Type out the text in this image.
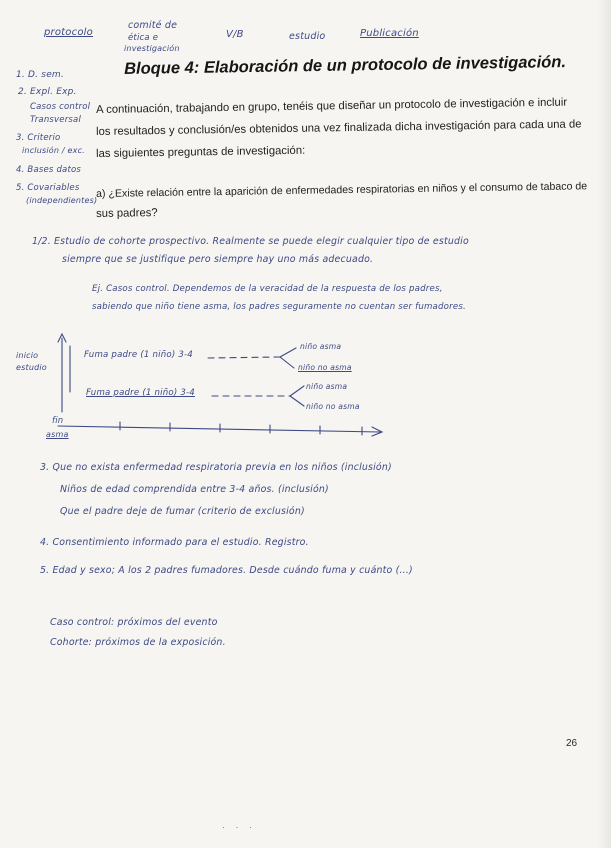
protocolo
comité de
ética e
investigación
V/B	estudio	Publicación
Bloque 4: Elaboración de un protocolo de investigación.
1. D. sem.
2. Expl. Exp.
Casos control
Transversal
3. Criterio
inclusión / exc.
4. Bases datos
5. Covariables
(independientes)
A continuación, trabajando en grupo, tenéis que diseñar un protocolo de investigación e incluir
los resultados y conclusión/es obtenidos una vez finalizada dicha investigación para cada una de
las siguientes preguntas de investigación:
a) ¿Existe relación entre la aparición de enfermedades respiratorias en niños y el consumo de tabaco de
sus padres?
1/2. Estudio de cohorte prospectivo. Realmente se puede elegir cualquier tipo de estudio
siempre que se justifique pero siempre hay uno más adecuado.
Ej. Casos control. Dependemos de la veracidad de la respuesta de los padres,
sabiendo que niño tiene asma, los padres seguramente no cuentan ser fumadores.
inicio
estudio
Fuma padre (1 niño) 3-4
Fuma padre (1 niño) 3-4
niño asma
niño no asma
niño asma
niño no asma
fin
asma
3. Que no exista enfermedad respiratoria previa en los niños (inclusión)
Niños de edad comprendida entre 3-4 años. (inclusión)
Que el padre deje de fumar (criterio de exclusión)
4. Consentimiento informado para el estudio. Registro.
5. Edad y sexo; A los 2 padres fumadores. Desde cuándo fuma y cuánto (...)
Caso control: próximos del evento
Cohorte: próximos de la exposición.
26
· · ·
